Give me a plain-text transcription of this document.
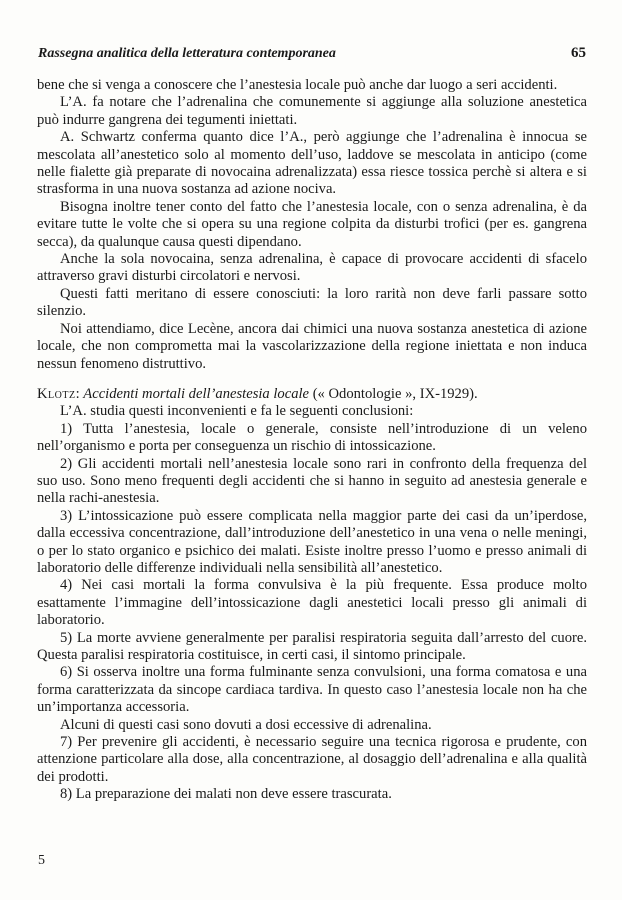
Rassegna analitica della letteratura contemporanea	65

bene che si venga a conoscere che l’anestesia locale può anche dar luogo a seri accidenti.

L’A. fa notare che l’adrenalina che comunemente si aggiunge alla soluzione anestetica può indurre gangrena dei tegumenti iniettati.

A. Schwartz conferma quanto dice l’A., però aggiunge che l’adrenalina è innocua se mescolata all’anestetico solo al momento dell’uso, laddove se mescolata in anticipo (come nelle fialette già preparate di novocaina adrenalizzata) essa riesce tossica perchè si altera e si strasforma in una nuova sostanza ad azione nociva.

Bisogna inoltre tener conto del fatto che l’anestesia locale, con o senza adrenalina, è da evitare tutte le volte che si opera su una regione colpita da disturbi trofici (per es. gangrena secca), da qualunque causa questi dipendano.

Anche la sola novocaina, senza adrenalina, è capace di provocare accidenti di sfacelo attraverso gravi disturbi circolatori e nervosi.

Questi fatti meritano di essere conosciuti: la loro rarità non deve farli passare sotto silenzio.

Noi attendiamo, dice Lecène, ancora dai chimici una nuova sostanza anestetica di azione locale, che non comprometta mai la vascolarizzazione della regione iniettata e non induca nessun fenomeno distruttivo.

Klotz: Accidenti mortali dell’anestesia locale (« Odontologie », IX-1929).

L’A. studia questi inconvenienti e fa le seguenti conclusioni:

1) Tutta l’anestesia, locale o generale, consiste nell’introduzione di un veleno nell’organismo e porta per conseguenza un rischio di intossicazione.

2) Gli accidenti mortali nell’anestesia locale sono rari in confronto della frequenza del suo uso. Sono meno frequenti degli accidenti che si hanno in seguito ad anestesia generale e nella rachi-anestesia.

3) L’intossicazione può essere complicata nella maggior parte dei casi da un’iperdose, dalla eccessiva concentrazione, dall’introduzione dell’anestetico in una vena o nelle meningi, o per lo stato organico e psichico dei malati. Esiste inoltre presso l’uomo e presso animali di laboratorio delle differenze individuali nella sensibilità all’anestetico.

4) Nei casi mortali la forma convulsiva è la più frequente. Essa produce molto esattamente l’immagine dell’intossicazione dagli anestetici locali presso gli animali di laboratorio.

5) La morte avviene generalmente per paralisi respiratoria seguita dall’arresto del cuore. Questa paralisi respiratoria costituisce, in certi casi, il sintomo principale.

6) Si osserva inoltre una forma fulminante senza convulsioni, una forma comatosa e una forma caratterizzata da sincope cardiaca tardiva. In questo caso l’anestesia locale non ha che un’importanza accessoria.

Alcuni di questi casi sono dovuti a dosi eccessive di adrenalina.

7) Per prevenire gli accidenti, è necessario seguire una tecnica rigorosa e prudente, con attenzione particolare alla dose, alla concentrazione, al dosaggio dell’adrenalina e alla qualità dei prodotti.

8) La preparazione dei malati non deve essere trascurata.

5
